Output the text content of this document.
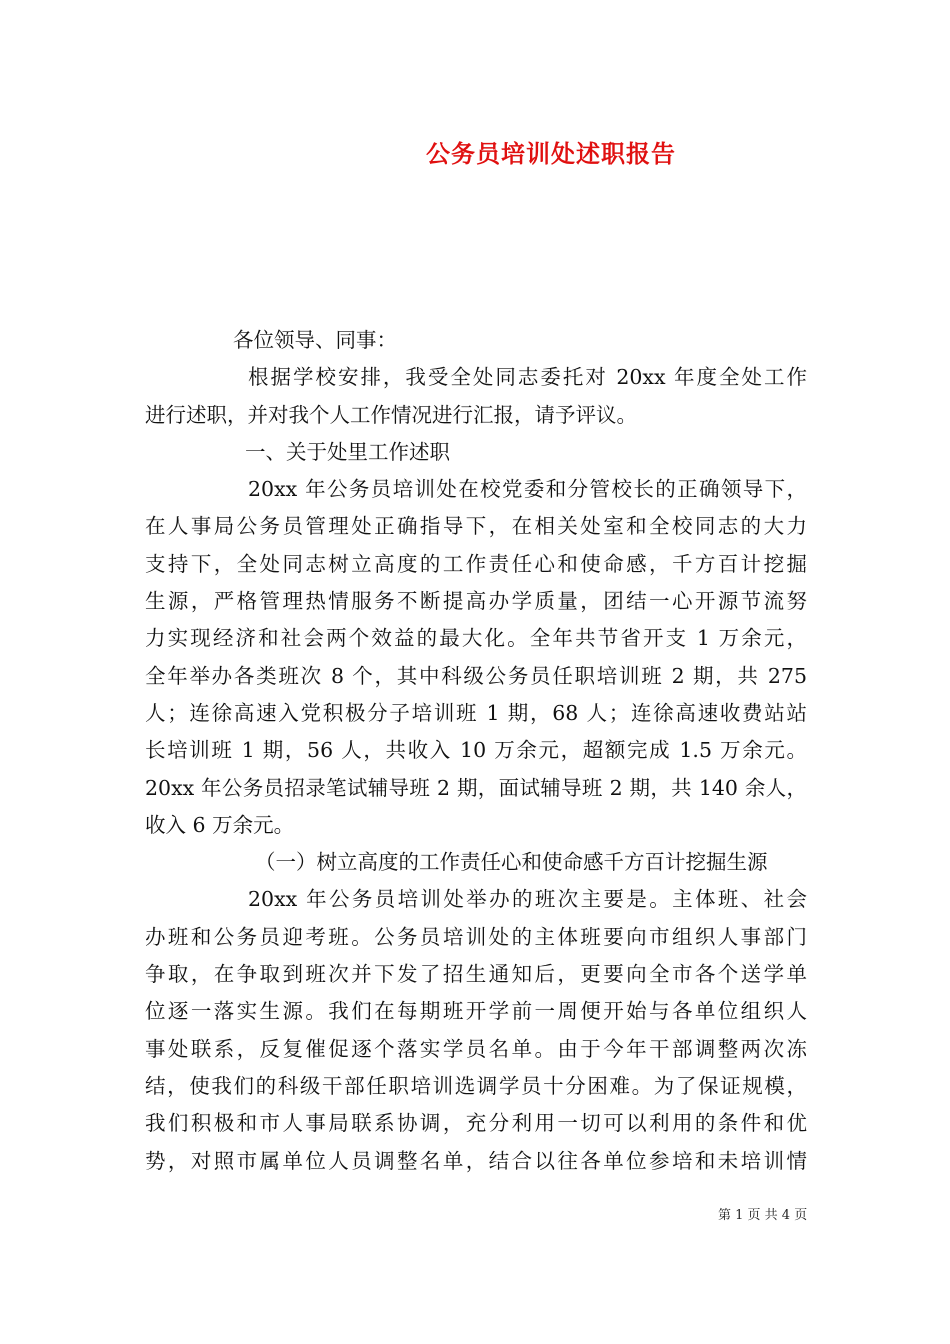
公务员培训处述职报告
各位领导、同事：
根据学校安排，我受全处同志委托对 20xx 年度全处工作
进行述职，并对我个人工作情况进行汇报，请予评议。
一、关于处里工作述职
20xx 年公务员培训处在校党委和分管校长的正确领导下，
在人事局公务员管理处正确指导下，在相关处室和全校同志的大力
支持下，全处同志树立高度的工作责任心和使命感，千方百计挖掘
生源，严格管理热情服务不断提高办学质量，团结一心开源节流努
力实现经济和社会两个效益的最大化。全年共节省开支 1 万余元，
全年举办各类班次 8 个，其中科级公务员任职培训班 2 期，共 275
人；连徐高速入党积极分子培训班 1 期，68 人；连徐高速收费站站
长培训班 1 期，56 人，共收入 10 万余元，超额完成 1.5 万余元。
20xx 年公务员招录笔试辅导班 2 期，面试辅导班 2 期，共 140 余人，
收入 6 万余元。
（一）树立高度的工作责任心和使命感千方百计挖掘生源
20xx 年公务员培训处举办的班次主要是。主体班、社会
办班和公务员迎考班。公务员培训处的主体班要向市组织人事部门
争取，在争取到班次并下发了招生通知后，更要向全市各个送学单
位逐一落实生源。我们在每期班开学前一周便开始与各单位组织人
事处联系，反复催促逐个落实学员名单。由于今年干部调整两次冻
结，使我们的科级干部任职培训选调学员十分困难。为了保证规模，
我们积极和市人事局联系协调，充分利用一切可以利用的条件和优
势，对照市属单位人员调整名单，结合以往各单位参培和未培训情
第 1 页 共 4 页
